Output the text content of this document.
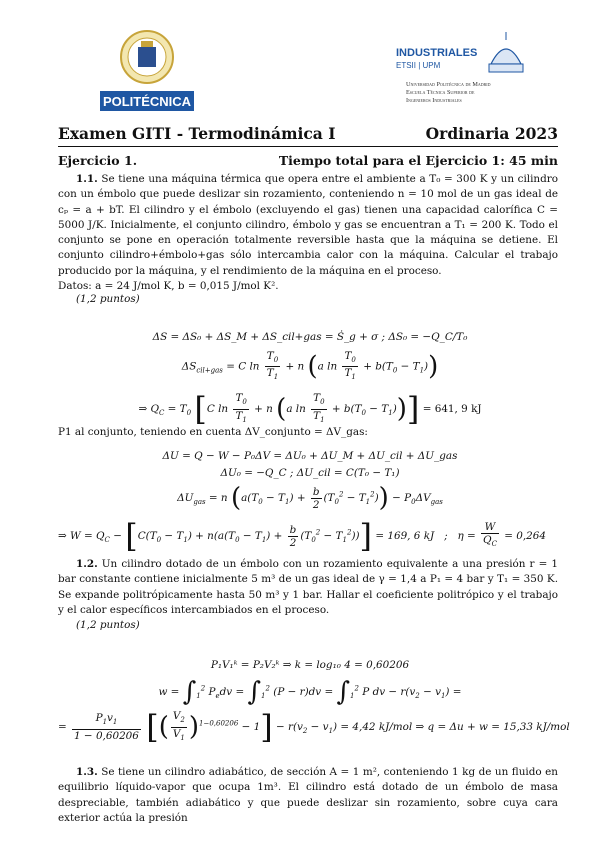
POLITÉCNICA
INDUSTRIALES
ETSII | UPM
Universidad Politécnica de Madrid
Escuela Técnica Superior de
Ingenieros Industriales
Examen GITI - Termodinámica I	Ordinaria 2023
Ejercicio 1.	Tiempo total para el Ejercicio 1: 45 min
1.1. Se tiene una máquina térmica que opera entre el ambiente a T₀ = 300 K y un cilindro con un émbolo que puede deslizar sin rozamiento, conteniendo n = 10 mol de un gas ideal de cₚ = a + bT. El cilindro y el émbolo (excluyendo el gas) tienen una capacidad calorífica C = 5000 J/K. Inicialmente, el conjunto cilindro, émbolo y gas se encuentran a T₁ = 200 K. Todo el conjunto se pone en operación totalmente reversible hasta que la máquina se detiene. El conjunto cilindro+émbolo+gas sólo intercambia calor con la máquina. Calcular el trabajo producido por la máquina, y el rendimiento de la máquina en el proceso.
Datos: a = 24 J/mol K, b = 0,015 J/mol K².
(1,2 puntos)
ΔS = ΔS₀ + ΔS_M + ΔS_cil+gas = Ṡ_g + σ ; ΔS₀ = −Q_C/T₀
$\Delta S_{cil+gas} = C$ $\ln \frac{T_0}{T_1} + n$ (a $\ln \frac{T_0}{T_1} + b(T_0 - T_1)$)
⇒ $Q_C = T_0$ [C $\ln \frac{T_0}{T_1} + n$ (a $\ln \frac{T_0}{T_1} + b(T_0 - T_1))] = 641$, 9 kJ
P1 al conjunto, teniendo en cuenta ΔV_conjunto = ΔV_gas:
ΔU = Q − W − P₀ΔV = ΔU₀ + ΔU_M + ΔU_cil + ΔU_gas
ΔU₀ = −Q_C ; ΔU_cil = C(T₀ − T₁)
$\Delta U_{gas} = n$ $(a(T_0 - T_1) + \frac{b}{2} (T_0^2 - T_1^2)) - P_0\Delta V_{gas}$
⇒ $W = Q_C - [C(T_0 - T_1) + n(a(T_0 - T_1) + \frac{b}{2} (T_0^2 - T_1^2))] = 169$, 6 kJ   ;   $\eta = \frac{W}{Q_C} = 0,264$
1.2. Un cilindro dotado de un émbolo con un rozamiento equivalente a una presión r = 1 bar constante contiene inicialmente 5 m³ de un gas ideal de γ = 1,4 a P₁ = 4 bar y T₁ = 350 K. Se expande politrópicamente hasta 50 m³ y 1 bar. Hallar el coeficiente politrópico y el trabajo y el calor específicos intercambiados en el proceso.
(1,2 puntos)
P₁V₁ᵏ = P₂V₂ᵏ ⇒ k = log₁₀ 4 = 0,60206
$w = \int_1^2$ $P_edv = \int_1^2$ $(P - r)dv = \int_1^2$ P dv − $r(v_2 - v_1)$ =
= $\frac{P_1v_1}{1 - 0,60206}$ [( $\frac{V_2}{V_1} )^{1-0,60206} - 1] - r(v_2 - v_1) = 4,42$ kJ/mol ⇒ q = Δu + w = 15,33 kJ/mol
1.3. Se tiene un cilindro adiabático, de sección A = 1 m², conteniendo 1 kg de un fluido en equilibrio líquido-vapor que ocupa 1m³. El cilindro está dotado de un émbolo de masa despreciable, también adiabático y que puede deslizar sin rozamiento, sobre cuya cara exterior actúa la presión
